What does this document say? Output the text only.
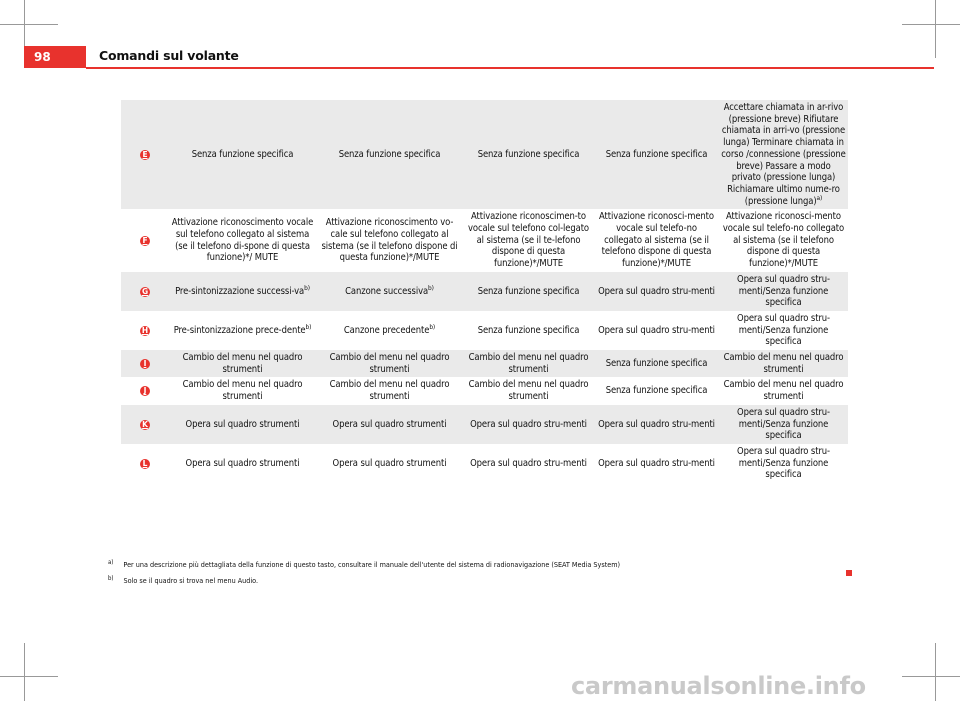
98	Comandi sul volante
E	Senza funzione specifica	Senza funzione specifica	Senza funzione specifica	Senza funzione specifica	Accettare chiamata in ar-rivo (pressione breve) Rifiutare chiamata in arri-vo (pressione lunga) Terminare chiamata in corso /connessione (pressione breve) Passare a modo privato (pressione lunga) Richiamare ultimo nume-ro (pressione lunga)$^{a)}$
F	Attivazione riconoscimento vocale sul telefono collegato al sistema (se il telefono di-spone di questa funzione)*/ MUTE	Attivazione riconoscimento vo-cale sul telefono collegato al sistema (se il telefono dispone di questa funzione)*/MUTE	Attivazione riconoscimen-to vocale sul telefono col-legato al sistema (se il te-lefono dispone di questa funzione)*/MUTE	Attivazione riconosci-mento vocale sul telefo-no collegato al sistema (se il telefono dispone di questa funzione)*/MUTE	Attivazione riconosci-mento vocale sul telefo-no collegato al sistema (se il telefono dispone di questa funzione)*/MUTE
G	Pre-sintonizzazione successi-$va^{b)}$	Canzone successiva$^{b)}$	Senza funzione specifica	Opera sul quadro stru-menti	Opera sul quadro stru-menti/Senza funzione specifica
H	Pre-sintonizzazione prece-dente$^{b)}$	Canzone precedente$^{b)}$	Senza funzione specifica	Opera sul quadro stru-menti	Opera sul quadro stru-menti/Senza funzione specifica
I	Cambio del menu nel quadro strumenti	Cambio del menu nel quadro strumenti	Cambio del menu nel quadro strumenti	Senza funzione specifica	Cambio del menu nel quadro strumenti
J	Cambio del menu nel quadro strumenti	Cambio del menu nel quadro strumenti	Cambio del menu nel quadro strumenti	Senza funzione specifica	Cambio del menu nel quadro strumenti
K	Opera sul quadro strumenti	Opera sul quadro strumenti	Opera sul quadro stru-menti	Opera sul quadro stru-menti	Opera sul quadro stru-menti/Senza funzione specifica
L	Opera sul quadro strumenti	Opera sul quadro strumenti	Opera sul quadro stru-menti	Opera sul quadro stru-menti	Opera sul quadro stru-menti/Senza funzione specifica
$^{a)}$ Per una descrizione più dettagliata della funzione di questo tasto, consultare il manuale dell'utente del sistema di radionavigazione (SEAT Media System)
$^{b)}$ Solo se il quadro si trova nel menu Audio.
carmanualsonline.info
